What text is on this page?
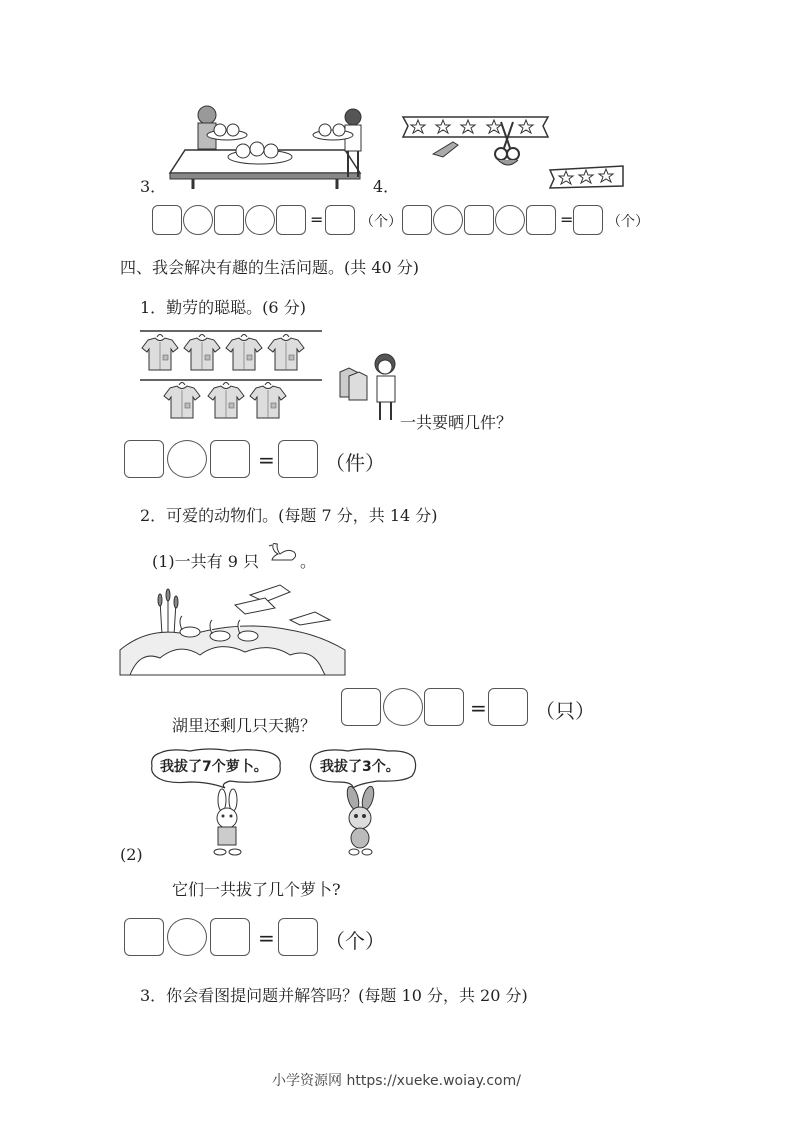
3．	4．
=	（个）	= （个）
四、我会解决有趣的生活问题。(共 40 分)
1．勤劳的聪聪。(6 分)
一共要晒几件？
=	（件）
2．可爱的动物们。(每题 7 分，共 14 分)
(1)一共有 9 只	。
湖里还剩几只天鹅？
= （只）
我拔了7个萝卜。	我拔了3个。
(2)
它们一共拔了几个萝卜?
=	（个）
3．你会看图提问题并解答吗？(每题 10 分，共 20 分)
小学资源网 https://xueke.woiay.com/
